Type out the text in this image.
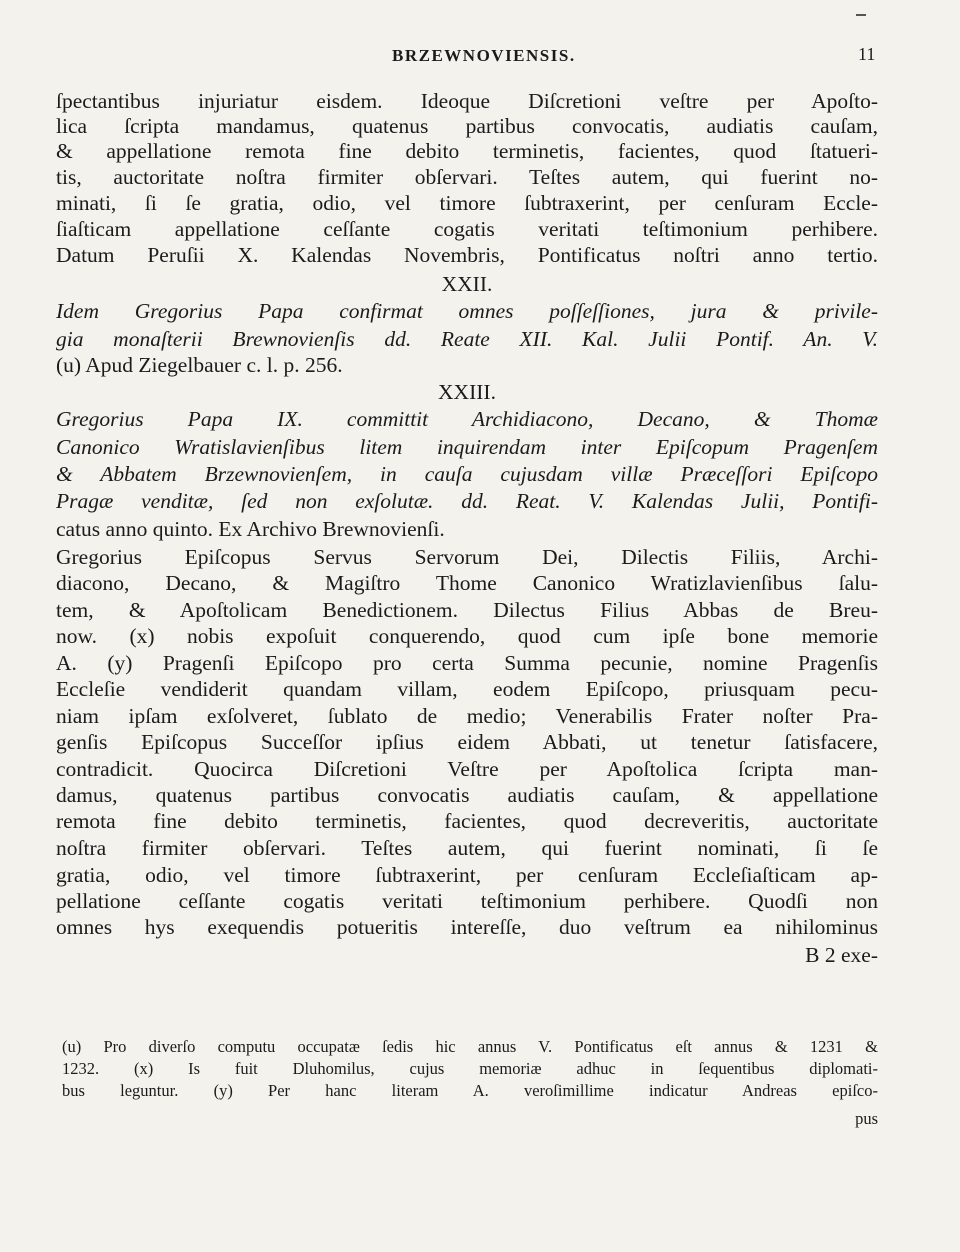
BRZEWNOVIENSIS.	11
ſpectantibus injuriatur eisdem. Ideoque Diſcretioni veſtre per Apoſto-
lica ſcripta mandamus, quatenus partibus convocatis, audiatis cauſam,
& appellatione remota fine debito terminetis, facientes, quod ſtatueri-
tis, auctoritate noſtra firmiter obſervari. Teſtes autem, qui fuerint no-
minati, ſi ſe gratia, odio, vel timore ſubtraxerint, per cenſuram Eccle-
ſiaſticam appellatione ceſſante cogatis veritati teſtimonium perhibere.
Datum Peruſii X. Kalendas Novembris, Pontificatus noſtri anno tertio.
XXII.
Idem Gregorius Papa confirmat omnes poſſeſſiones, jura & privile-
gia monaſterii Brewnovienſis dd. Reate XII. Kal. Julii Pontif. An. V.
(u) Apud Ziegelbauer c. l. p. 256.
XXIII.
Gregorius Papa IX. committit Archidiacono, Decano, & Thomæ
Canonico Wratislavienſibus litem inquirendam inter Epiſcopum Pragenſem
& Abbatem Brzewnovienſem, in cauſa cujusdam villæ Præceſſori Epiſcopo
Pragæ venditæ, ſed non exſolutæ. dd. Reat. V. Kalendas Julii, Pontifi-
catus anno quinto. Ex Archivo Brewnovienſi.
Gregorius Epiſcopus Servus Servorum Dei, Dilectis Filiis, Archi-
diacono, Decano, & Magiſtro Thome Canonico Wratizlavienſibus ſalu-
tem, & Apoſtolicam Benedictionem. Dilectus Filius Abbas de Breu-
now. (x) nobis expoſuit conquerendo, quod cum ipſe bone memorie
A. (y) Pragenſi Epiſcopo pro certa Summa pecunie, nomine Pragenſis
Eccleſie vendiderit quandam villam, eodem Epiſcopo, priusquam pecu-
niam ipſam exſolveret, ſublato de medio; Venerabilis Frater noſter Pra-
genſis Epiſcopus Succeſſor ipſius eidem Abbati, ut tenetur ſatisfacere,
contradicit. Quocirca Diſcretioni Veſtre per Apoſtolica ſcripta man-
damus, quatenus partibus convocatis audiatis cauſam, & appellatione
remota fine debito terminetis, facientes, quod decreveritis, auctoritate
noſtra firmiter obſervari. Teſtes autem, qui fuerint nominati, ſi ſe
gratia, odio, vel timore ſubtraxerint, per cenſuram Eccleſiaſticam ap-
pellatione ceſſante cogatis veritati teſtimonium perhibere. Quodſi non
omnes hys exequendis potueritis intereſſe, duo veſtrum ea nihilominus
B 2 exe-
(u) Pro diverſo computu occupatæ ſedis hic annus V. Pontificatus eſt annus & 1231 &
1232. (x) Is fuit Dluhomilus, cujus memoriæ adhuc in ſequentibus diplomati-
bus leguntur. (y) Per hanc literam A. veroſimillime indicatur Andreas epiſco-
pus
